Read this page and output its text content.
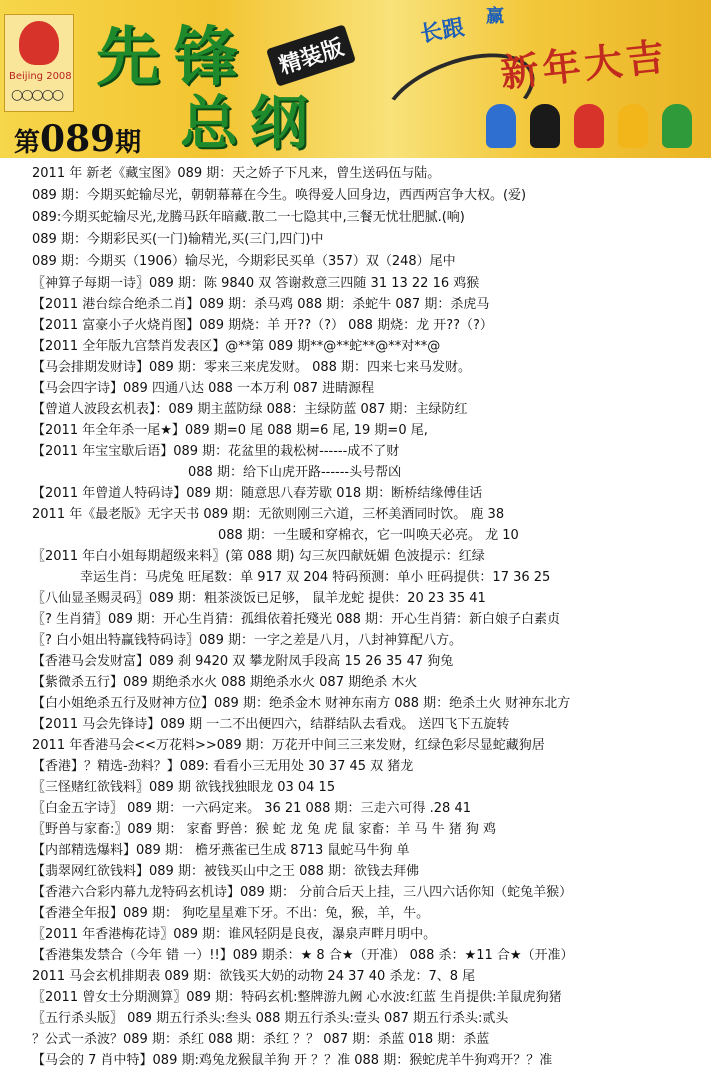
Beijing 2008
○○○○○ 先锋	精装版
总纲
赢
长跟
新年大吉
第089期
2011 年 新老《藏宝图》089 期：天之娇子下凡来，曾生送码伍与陆。
089 期：今期买蛇输尽光，朝朝幕幕在今生。唤得爱人回身边，西西两宫争大权。(爱)
089:今期买蛇输尽光,龙腾马跃年暗藏.散二一七隐其中,三餐无忧壮肥腻.(响)
089 期：今期彩民买(一门)输精光,买(三门,四门)中
089 期：今期买（1906）输尽光，今期彩民买单（357）双（248）尾中
〖神算子每期一诗〗089 期：陈 9840 双 答谢救意三四随 31 13 22 16 鸡猴
【2011 港台综合绝杀二肖】089 期：杀马鸡 088 期：杀蛇牛 087 期：杀虎马
【2011 富豪小子火烧肖图】089 期烧：羊 开??（?） 088 期烧：龙 开??（?）
【2011 全年版九宫禁肖发表区】@**第 089 期**@**蛇**@**对**@
【马会排期发财诗】089 期：零来三来虎发财。 088 期：四来七来马发财。
【马会四字诗】089 四通八达 088 一本万利 087 进睛源程
【曾道人波段玄机表】：089 期主蓝防绿 088：主绿防蓝 087 期：主绿防红
【2011 年全年杀一尾★】089 期=0 尾 088 期=6 尾, 19 期=0 尾,
【2011 年宝宝歇后语】089 期：花盆里的栽松树------成不了财
088 期：给下山虎开路------头号帮凶
【2011 年曾道人特码诗】089 期：随意思八春芳歇 018 期：断桥结缘傅佳话
2011 年《最老版》无字天书 089 期：无欲则刚三六道，三杯美酒同时饮。 鹿 38
088 期：一生暖和穿棉衣，它一叫唤天必亮。 龙 10
〖2011 年白小姐每期超级来料〗(第 088 期) 勾三灰四献妩媚 色波提示：红绿
幸运生肖：马虎兔 旺尾数：单 917 双 204 特码预测：单小 旺码提供：17 36 25
〖八仙显圣赐灵码〗089 期：粗茶淡饭已足够， 鼠羊龙蛇 提供：20 23 35 41
〖? 生肖猜〗089 期：开心生肖猜：孤缉依着托殘光 088 期：开心生肖猜：新白娘子白素贞
〖? 白小姐出特赢钱特码诗〗089 期：一字之差是八月，八封神算配八方。
【香港马会发财富】089 刹 9420 双 攀龙附凤手段高 15 26 35 47 狗兔
【紫微杀五行】089 期绝杀水火 088 期绝杀水火 087 期绝杀 木火
【白小姐绝杀五行及财神方位】089 期：绝杀金木 财神东南方 088 期：绝杀土火 财神东北方
【2011 马会先锋诗】089 期 一二不出便四六，结群结队去看戏。 送四飞下五旋转
2011 年香港马会<<万花料>>089 期：万花开中间三三来发财，红绿色彩尽显蛇藏狗居
【香港】？精选-劲料？】089: 看看小三无用处 30 37 45 双 猪龙
〖三怪赌红欲钱料〗089 期 欲钱找独眼龙 03 04 15
〖白金五字诗〗 089 期：一六码定来。 36 21 088 期：三走六可得 .28 41
〖野兽与家畜:〗089 期： 家畜 野兽：猴 蛇 龙 兔 虎 鼠 家畜：羊 马 牛 猪 狗 鸡
【内部精选爆料】089 期： 檐牙燕雀已生成 8713 鼠蛇马牛狗 单
【翡翠网红欲钱料】089 期：被钱买山中之王 088 期：欲钱去拜佛
【香港六合彩内幕九龙特码玄机诗】089 期： 分前合后天上挂，三八四六话你知（蛇兔羊猴）
【香港全年报】089 期： 狗吃星星难下牙。不出：兔，猴，羊，牛。
〖2011 年香港梅花诗〗089 期：谁风轻阴是良夜，瀑泉声畔月明中。
【香港集发禁合（今年 错 一）!!】089 期杀：★ 8 合★（开准） 088 杀：★11 合★（开准）
2011 马会玄机排期表 089 期：欲钱买大奶的动物 24 37 40 杀龙：7、8 尾
〖2011 曾女士分期测算〗089 期：特码玄机:整牌游九阙 心水波:红蓝 生肖提供:羊鼠虎狗猪
〖五行杀头版〗 089 期五行杀头:叁头 088 期五行杀头:壹头 087 期五行杀头:贰头
？公式一杀波？089 期：杀红 088 期：杀红 ？？ 087 期：杀蓝 018 期：杀蓝
【马会的 7 肖中特】089 期:鸡兔龙猴鼠羊狗 开 ？？准 088 期：猴蛇虎羊牛狗鸡开？？准
